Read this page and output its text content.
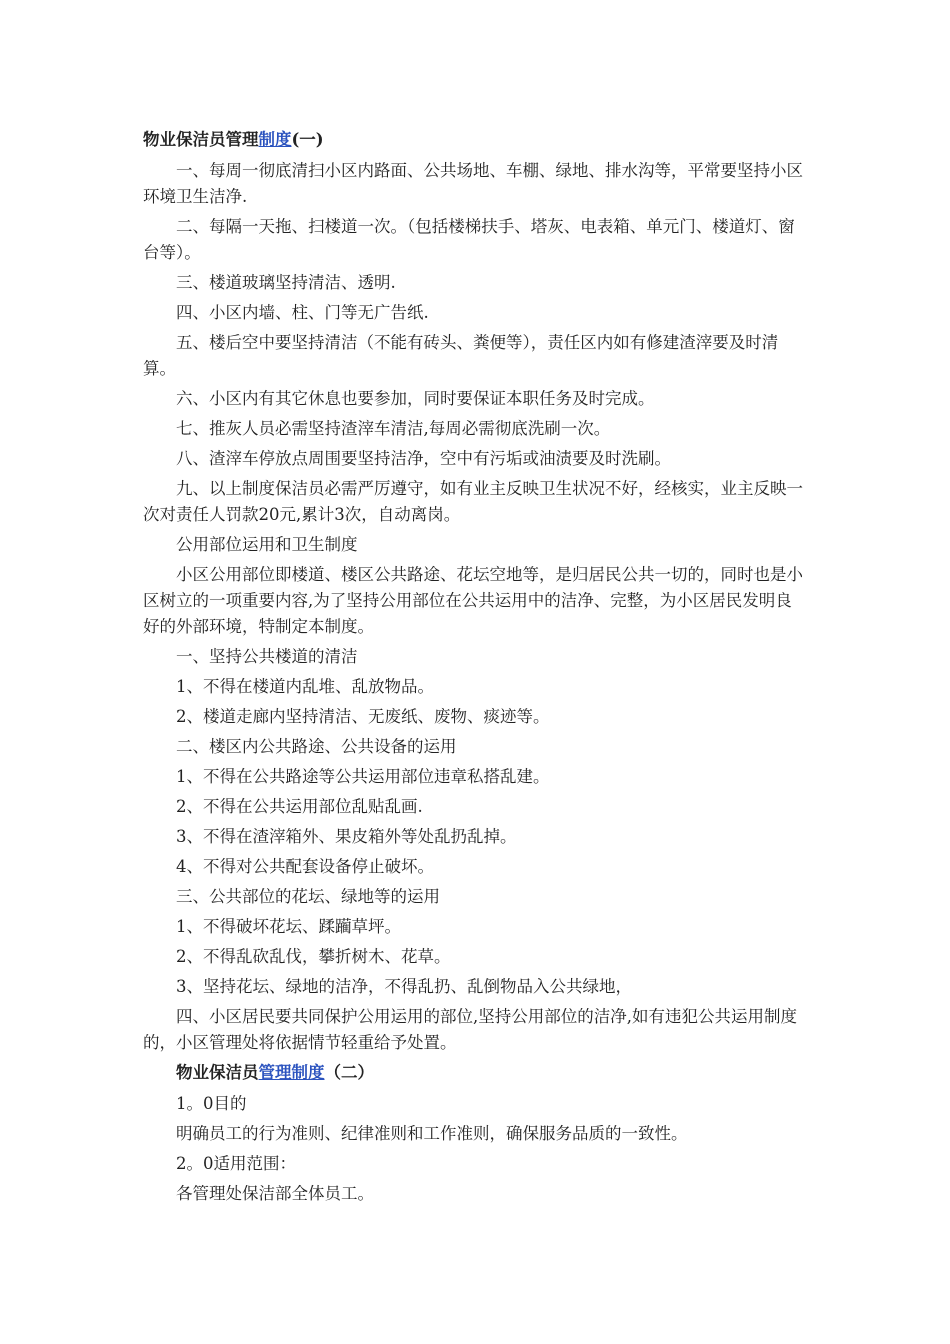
物业保洁员管理制度(一)
一、每周一彻底清扫小区内路面、公共场地、车棚、绿地、排水沟等，平常要坚持小区环境卫生洁净.
二、每隔一天拖、扫楼道一次。（包括楼梯扶手、塔灰、电表箱、单元门、楼道灯、窗台等）。
三、楼道玻璃坚持清洁、透明.
四、小区内墙、柱、门等无广告纸.
五、楼后空中要坚持清洁（不能有砖头、粪便等），责任区内如有修建渣滓要及时清算。
六、小区内有其它休息也要参加，同时要保证本职任务及时完成。
七、推灰人员必需坚持渣滓车清洁,每周必需彻底洗刷一次。
八、渣滓车停放点周围要坚持洁净，空中有污垢或油渍要及时洗刷。
九、以上制度保洁员必需严厉遵守，如有业主反映卫生状况不好，经核实，业主反映一次对责任人罚款20元,累计3次，自动离岗。
公用部位运用和卫生制度
小区公用部位即楼道、楼区公共路途、花坛空地等，是归居民公共一切的，同时也是小区树立的一项重要内容,为了坚持公用部位在公共运用中的洁净、完整，为小区居民发明良好的外部环境，特制定本制度。
一、坚持公共楼道的清洁
1、不得在楼道内乱堆、乱放物品。
2、楼道走廊内坚持清洁、无废纸、废物、痰迹等。
二、楼区内公共路途、公共设备的运用
1、不得在公共路途等公共运用部位违章私搭乱建。
2、不得在公共运用部位乱贴乱画.
3、不得在渣滓箱外、果皮箱外等处乱扔乱掉。
4、不得对公共配套设备停止破坏。
三、公共部位的花坛、绿地等的运用
1、不得破坏花坛、蹂躏草坪。
2、不得乱砍乱伐，攀折树木、花草。
3、坚持花坛、绿地的洁净，不得乱扔、乱倒物品入公共绿地，
四、小区居民要共同保护公用运用的部位,坚持公用部位的洁净,如有违犯公共运用制度的，小区管理处将依据情节轻重给予处置。
物业保洁员管理制度（二）
1。0目的
明确员工的行为准则、纪律准则和工作准则，确保服务品质的一致性。
2。0适用范围：
各管理处保洁部全体员工。
